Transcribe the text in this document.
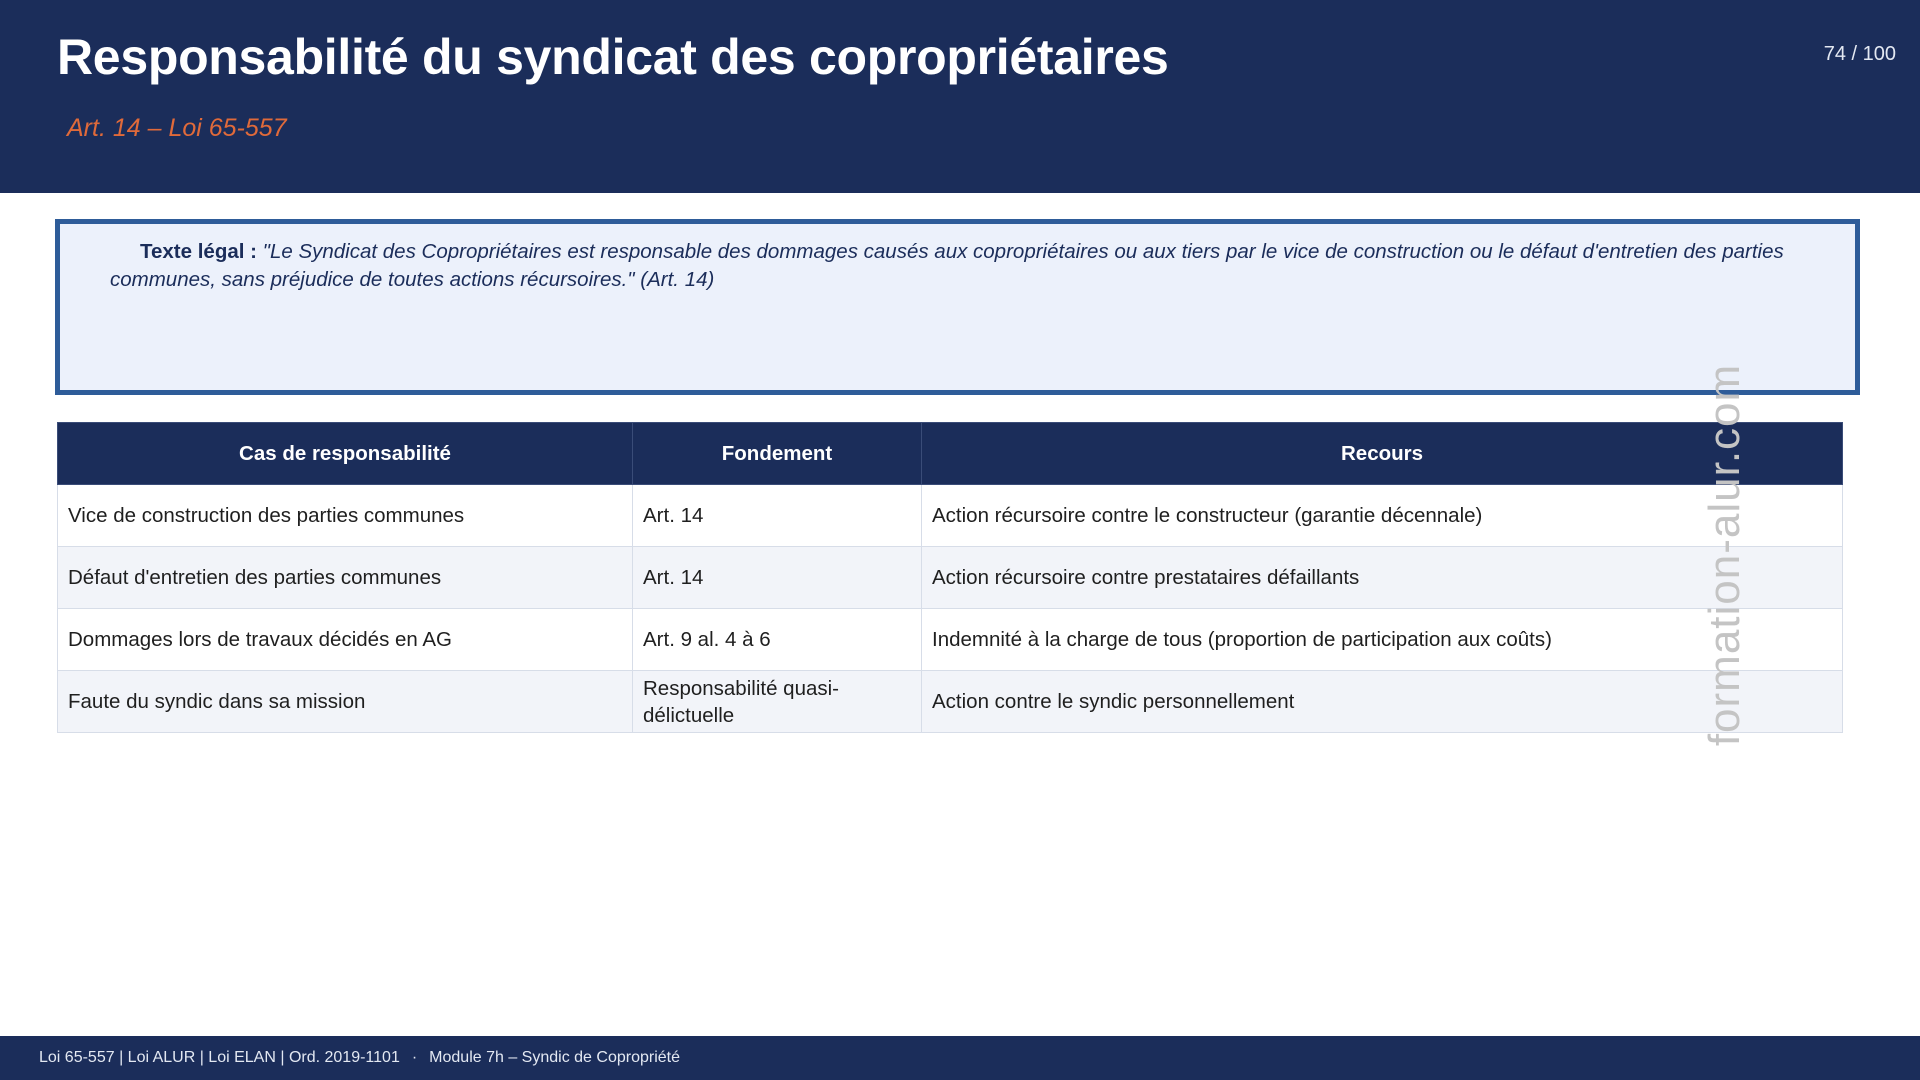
Responsabilité du syndicat des copropriétaires
Art. 14 – Loi 65-557
74 / 100
Texte légal : "Le Syndicat des Copropriétaires est responsable des dommages causés aux copropriétaires ou aux tiers par le vice de construction ou le défaut d'entretien des parties communes, sans préjudice de toutes actions récursoires." (Art. 14)
Cas de responsabilité	Fondement	Recours
Vice de construction des parties communes	Art. 14	Action récursoire contre le constructeur (garantie décennale)
Défaut d'entretien des parties communes	Art. 14	Action récursoire contre prestataires défaillants
Dommages lors de travaux décidés en AG	Art. 9 al. 4 à 6	Indemnité à la charge de tous (proportion de participation aux coûts)
Faute du syndic dans sa mission	Responsabilité quasi-délictuelle	Action contre le syndic personnellement	formation-alur.com
Loi 65-557 | Loi ALUR | Loi ELAN | Ord. 2019-1101 · Module 7h – Syndic de Copropriété
